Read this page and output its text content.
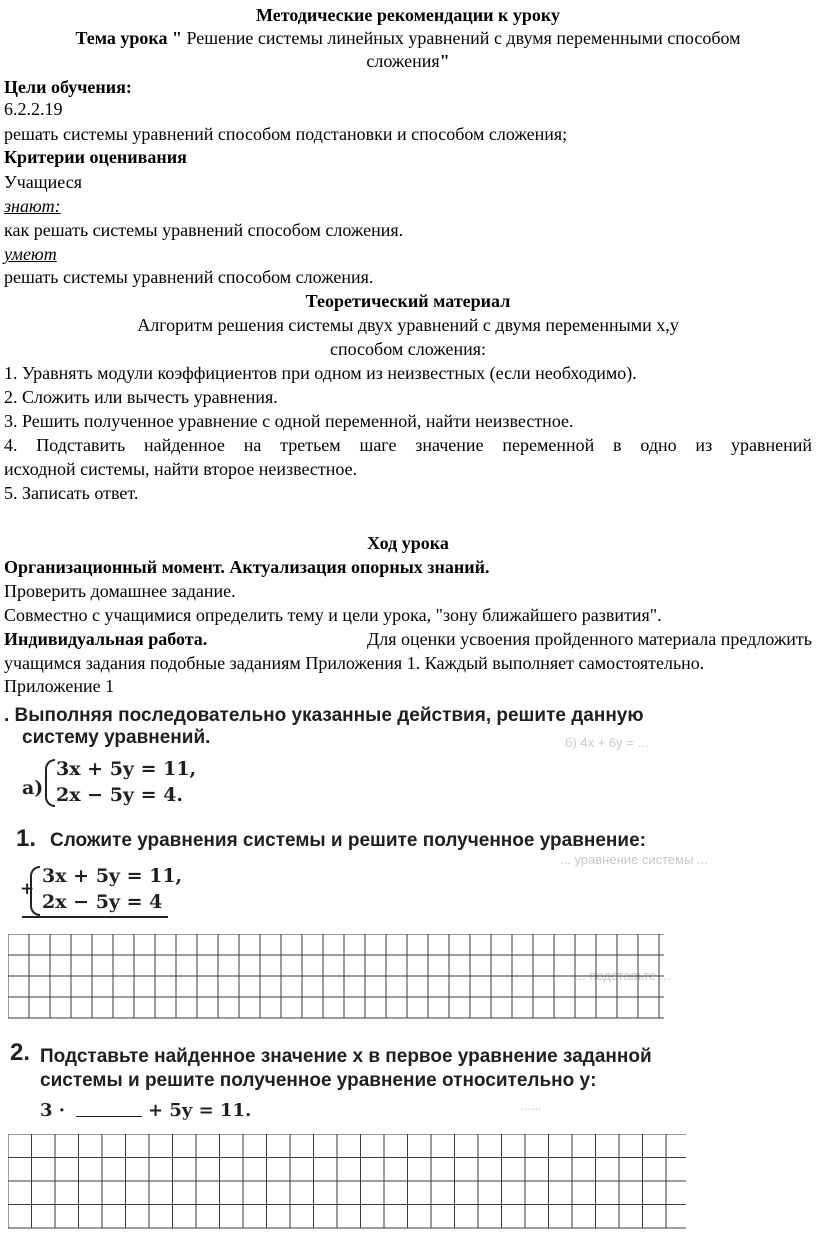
Методические рекомендации к уроку
Тема урока " Решение системы линейных уравнений с двумя переменными способом
сложения"
Цели обучения:
6.2.2.19
решать системы уравнений способом подстановки и способом сложения;
Критерии оценивания
Учащиеся
знают:
как решать системы уравнений способом сложения.
умеют
решать системы уравнений способом сложения.
Теоретический материал
Алгоритм решения системы двух уравнений с двумя переменными х,у
способом сложения:
1. Уравнять модули коэффициентов при одном из неизвестных (если необходимо).
2. Сложить или вычесть уравнения.
3. Решить полученное уравнение с одной переменной, найти неизвестное.
4. Подставить найденное на третьем шаге значение переменной в одно из уравнений
исходной системы, найти второе неизвестное.
5. Записать ответ.
Ход урока
Организационный момент. Актуализация опорных знаний.
Проверить домашнее задание.
Совместно с учащимися определить тему и цели урока, "зону ближайшего развития".
Индивидуальная работа.	Для оценки усвоения пройденного материала предложить
учащимся задания подобные заданиям Приложения 1. Каждый выполняет самостоятельно.
Приложение 1
б) 4x + 6y = ...
... уравнение системы ...
... подставьте ...
......
. Выполняя последовательно указанные действия, решите данную
систему уравнений.
а)
3x + 5y = 11,
2x − 5y = 4.
1. Сложите уравнения системы и решите полученное уравнение:
+
3x + 5y = 11,
2x − 5y = 4
2. Подставьте найденное значение x в первое уравнение заданной
системы и решите полученное уравнение относительно y:
3 ·	+ 5y = 11.
